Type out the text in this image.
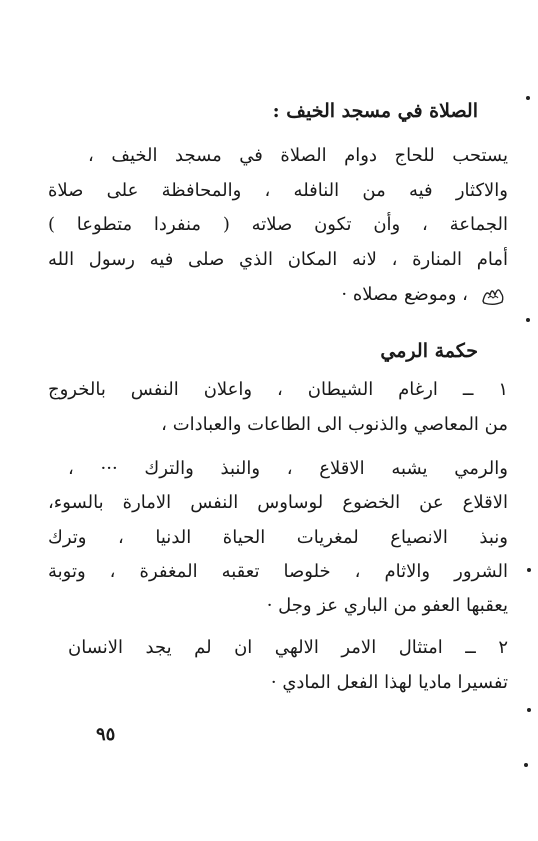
الصلاة في مسجد الخيف :
يستحب للحاج دوام الصلاة في مسجد الخيف ،
والاكثار فيه من النافله ، والمحافظة على صلاة
الجماعة ، وأن تكون صلاته ( منفردا متطوعا )
أمام المنارة ، لانه المكان الذي صلى فيه رسول الله
، وموضع مصلاه ·
حكمة الرمي
١ ــ ارغام الشيطان ، واعلان النفس بالخروج
من المعاصي والذنوب الى الطاعات والعبادات ،
والرمي يشبه الاقلاع ، والنبذ والترك ··· ،
الاقلاع عن الخضوع لوساوس النفس الامارة بالسوء،
ونبذ الانصياع لمغريات الحياة الدنيا ، وترك
الشرور والاثام ، خلوصا تعقبه المغفرة ، وتوبة
يعقبها العفو من الباري عز وجل ·
٢ ــ امتثال الامر الالهي ان لم يجد الانسان
تفسيرا ماديا لهذا الفعل المادي ·
٩٥
